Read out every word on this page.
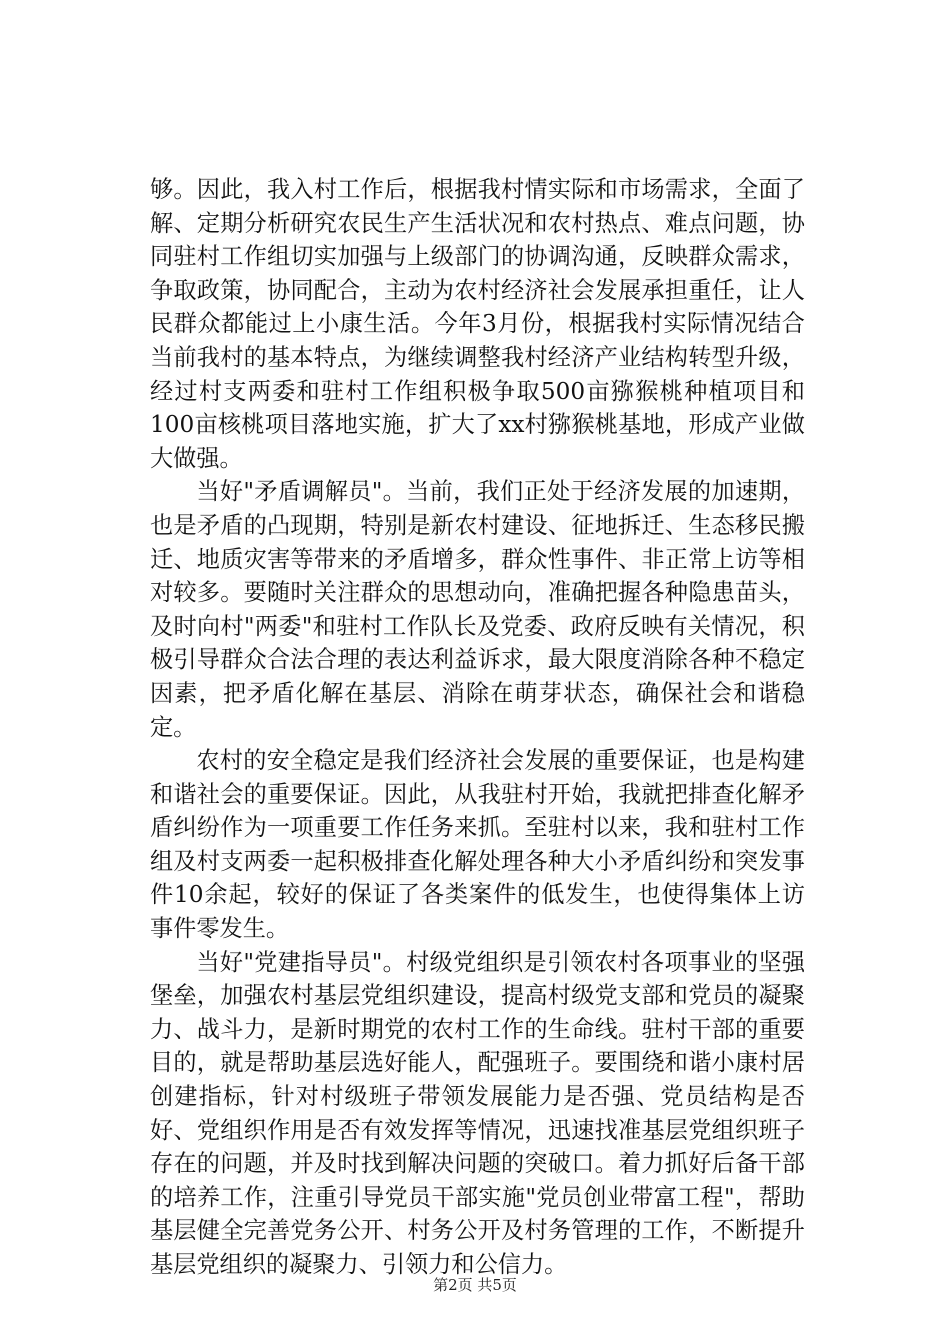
够。因此，我入村工作后，根据我村情实际和市场需求，全面了解、定期分析研究农民生产生活状况和农村热点、难点问题，协同驻村工作组切实加强与上级部门的协调沟通，反映群众需求，争取政策，协同配合，主动为农村经济社会发展承担重任，让人民群众都能过上小康生活。今年3月份，根据我村实际情况结合当前我村的基本特点，为继续调整我村经济产业结构转型升级，经过村支两委和驻村工作组积极争取500亩猕猴桃种植项目和100亩核桃项目落地实施，扩大了xx村猕猴桃基地，形成产业做大做强。

当好"矛盾调解员"。当前，我们正处于经济发展的加速期，也是矛盾的凸现期，特别是新农村建设、征地拆迁、生态移民搬迁、地质灾害等带来的矛盾增多，群众性事件、非正常上访等相对较多。要随时关注群众的思想动向，准确把握各种隐患苗头，及时向村"两委"和驻村工作队长及党委、政府反映有关情况，积极引导群众合法合理的表达利益诉求，最大限度消除各种不稳定因素，把矛盾化解在基层、消除在萌芽状态，确保社会和谐稳定。

农村的安全稳定是我们经济社会发展的重要保证，也是构建和谐社会的重要保证。因此，从我驻村开始，我就把排查化解矛盾纠纷作为一项重要工作任务来抓。至驻村以来，我和驻村工作组及村支两委一起积极排查化解处理各种大小矛盾纠纷和突发事件10余起，较好的保证了各类案件的低发生，也使得集体上访事件零发生。

当好"党建指导员"。村级党组织是引领农村各项事业的坚强堡垒，加强农村基层党组织建设，提高村级党支部和党员的凝聚力、战斗力，是新时期党的农村工作的生命线。驻村干部的重要目的，就是帮助基层选好能人，配强班子。要围绕和谐小康村居创建指标，针对村级班子带领发展能力是否强、党员结构是否好、党组织作用是否有效发挥等情况，迅速找准基层党组织班子存在的问题，并及时找到解决问题的突破口。着力抓好后备干部的培养工作，注重引导党员干部实施"党员创业带富工程"，帮助基层健全完善党务公开、村务公开及村务管理的工作，不断提升基层党组织的凝聚力、引领力和公信力。

第2页 共5页
